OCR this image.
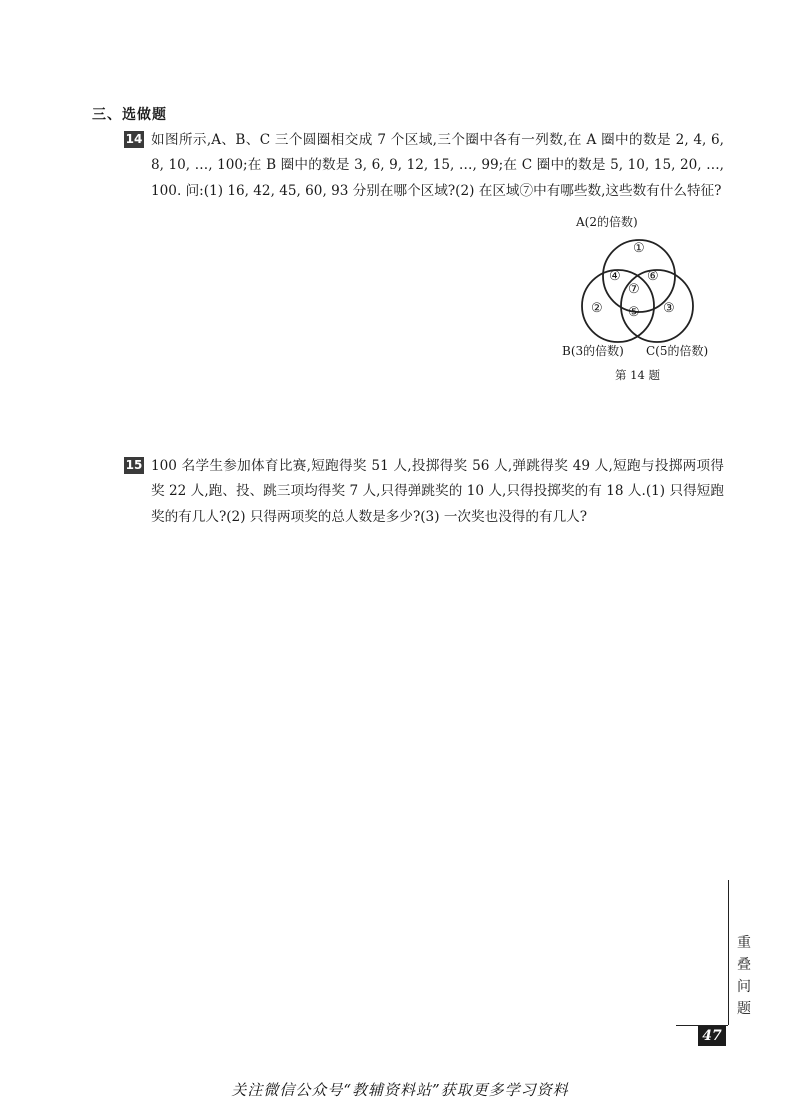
三、选做题
14 如图所示,A、B、C 三个圆圈相交成 7 个区域,三个圈中各有一列数,在 A 圈中的数是 2, 4, 6, 8, 10, …, 100;在 B 圈中的数是 3, 6, 9, 12, 15, …, 99;在 C 圈中的数是 5, 10, 15, 20, …, 100. 问:(1) 16, 42, 45, 60, 93 分别在哪个区域?(2) 在区域⑦中有哪些数,这些数有什么特征?
A(2的倍数)
①
②	③
④
⑤
⑥
⑦
B(3的倍数) C(5的倍数)
第 14 题
15 100 名学生参加体育比赛,短跑得奖 51 人,投掷得奖 56 人,弹跳得奖 49 人,短跑与投掷两项得奖 22 人,跑、投、跳三项均得奖 7 人,只得弹跳奖的 10 人,只得投掷奖的有 18 人.(1) 只得短跑奖的有几人?(2) 只得两项奖的总人数是多少?(3) 一次奖也没得的有几人?
重叠问题
47
关注微信公众号“教辅资料站”获取更多学习资料
